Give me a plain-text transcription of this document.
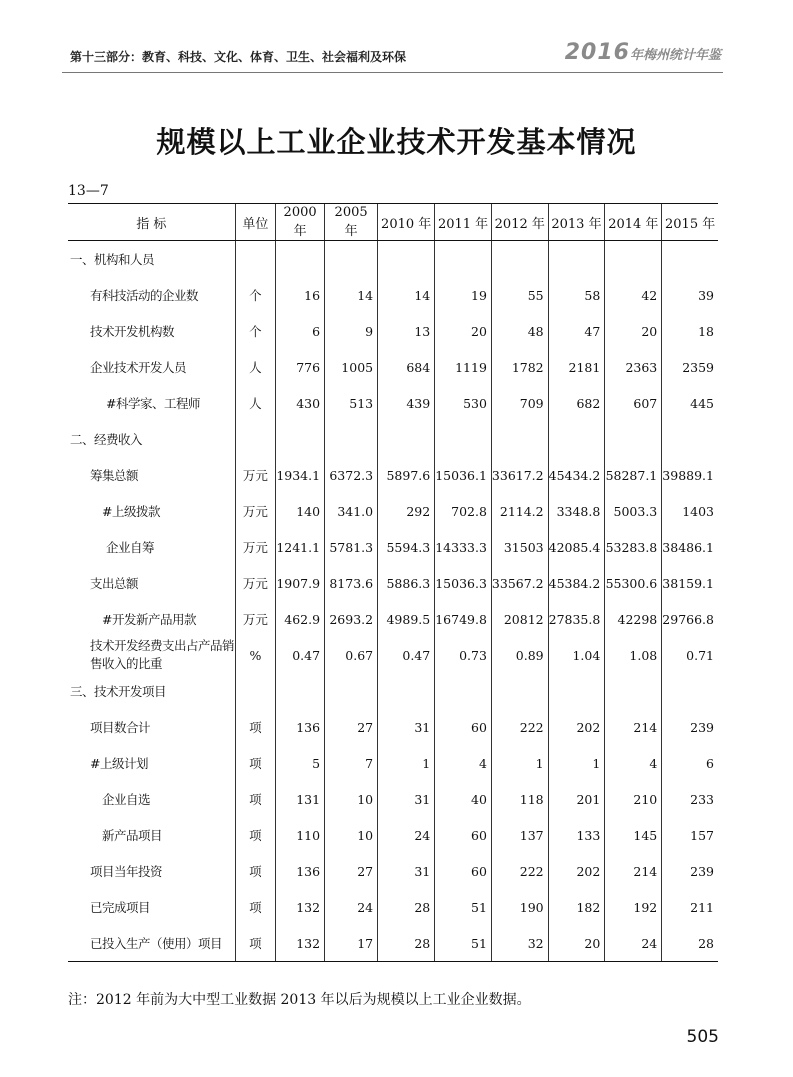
第十三部分：教育、科技、文化、体育、卫生、社会福利及环保	2016年梅州统计年鉴
规模以上工业企业技术开发基本情况
13—7
指 标	单位	2000 年	2005 年	2010 年	2011 年	2012 年	2013 年	2014 年	2015 年
一、机构和人员									
有科技活动的企业数	个	16	14	14	19	55	58	42	39
技术开发机构数	个	6	9	13	20	48	47	20	18
企业技术开发人员	人	776	1005	684	1119	1782	2181	2363	2359
#科学家、工程师	人	430	513	439	530	709	682	607	445
二、经费收入									
筹集总额	万元	1934.1	6372.3	5897.6	15036.1	33617.2	45434.2	58287.1	39889.1
#上级拨款	万元	140	341.0	292	702.8	2114.2	3348.8	5003.3	1403
企业自筹	万元	1241.1	5781.3	5594.3	14333.3	31503	42085.4	53283.8	38486.1
支出总额	万元	1907.9	8173.6	5886.3	15036.3	33567.2	45384.2	55300.6	38159.1
#开发新产品用款	万元	462.9	2693.2	4989.5	16749.8	20812	27835.8	42298	29766.8
技术开发经费支出占产品销售收入的比重	%	0.47	0.67	0.47	0.73	0.89	1.04	1.08	0.71
三、技术开发项目									
项目数合计	项	136	27	31	60	222	202	214	239
#上级计划	项	5	7	1	4	1	1	4	6
企业自选	项	131	10	31	40	118	201	210	233
新产品项目	项	110	10	24	60	137	133	145	157
项目当年投资	项	136	27	31	60	222	202	214	239
已完成项目	项	132	24	28	51	190	182	192	211
已投入生产（使用）项目	项	132	17	28	51	32	20	24	28
注：2012 年前为大中型工业数据 2013 年以后为规模以上工业企业数据。
505
